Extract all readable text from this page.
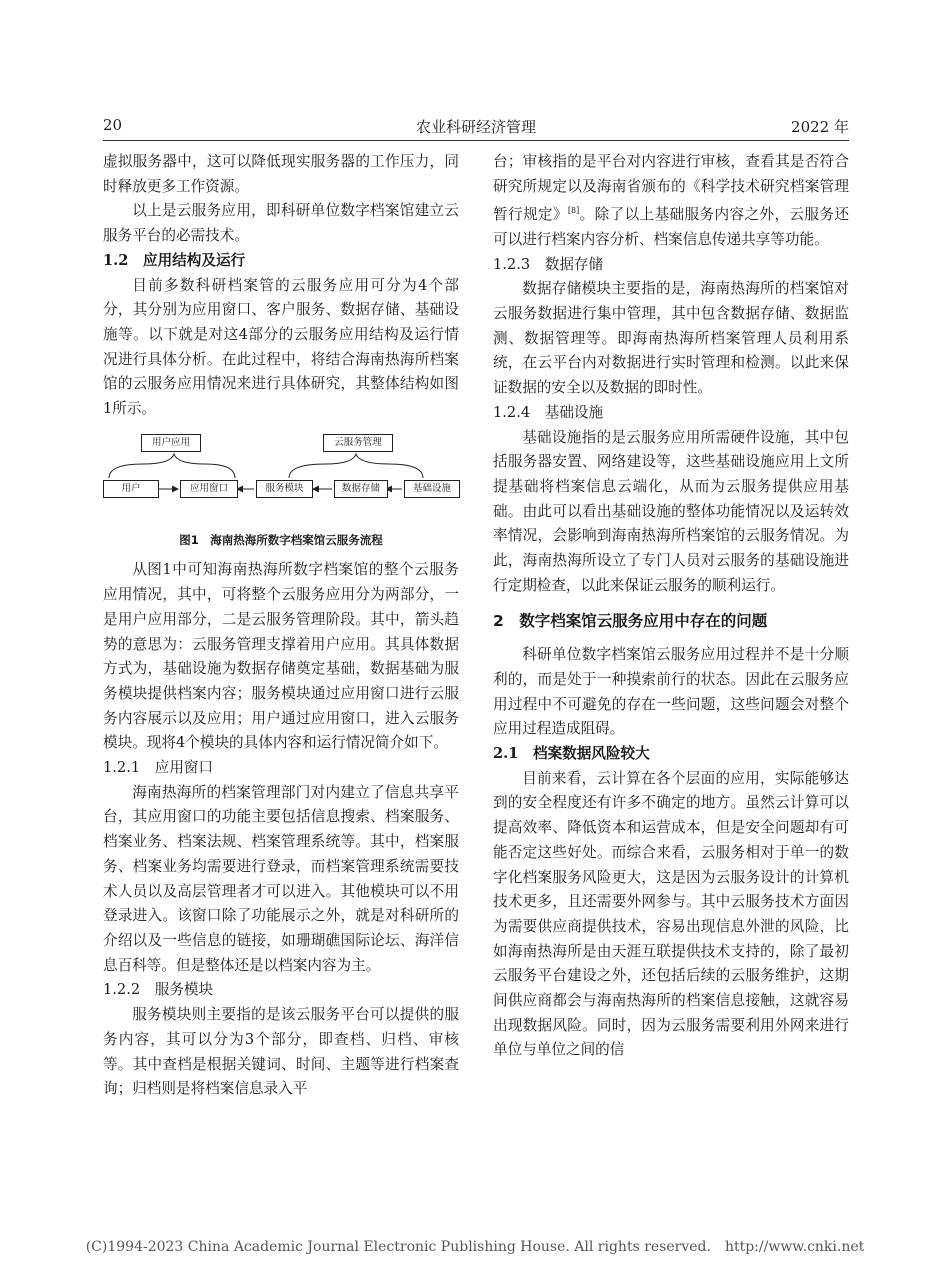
20	农业科研经济管理	2022 年

虚拟服务器中，这可以降低现实服务器的工作压力，同时释放更多工作资源。

以上是云服务应用，即科研单位数字档案馆建立云服务平台的必需技术。

1.2　应用结构及运行

目前多数科研档案管的云服务应用可分为4个部分，其分别为应用窗口、客户服务、数据存储、基础设施等。以下就是对这4部分的云服务应用结构及运行情况进行具体分析。在此过程中，将结合海南热海所档案馆的云服务应用情况来进行具体研究，其整体结构如图1所示。

用户应用	云服务管理
用户	应用窗口	服务模块	数据存储	基础设施

图1　海南热海所数字档案馆云服务流程

从图1中可知海南热海所数字档案馆的整个云服务应用情况，其中，可将整个云服务应用分为两部分，一是用户应用部分，二是云服务管理阶段。其中，箭头趋势的意思为：云服务管理支撑着用户应用。其具体数据方式为，基础设施为数据存储奠定基础，数据基础为服务模块提供档案内容；服务模块通过应用窗口进行云服务内容展示以及应用；用户通过应用窗口，进入云服务模块。现将4个模块的具体内容和运行情况简介如下。

1.2.1　应用窗口

海南热海所的档案管理部门对内建立了信息共享平台，其应用窗口的功能主要包括信息搜索、档案服务、档案业务、档案法规、档案管理系统等。其中，档案服务、档案业务均需要进行登录，而档案管理系统需要技术人员以及高层管理者才可以进入。其他模块可以不用登录进入。该窗口除了功能展示之外，就是对科研所的介绍以及一些信息的链接，如珊瑚礁国际论坛、海洋信息百科等。但是整体还是以档案内容为主。

1.2.2　服务模块

服务模块则主要指的是该云服务平台可以提供的服务内容，其可以分为3个部分，即查档、归档、审核等。其中查档是根据关键词、时间、主题等进行档案查询；归档则是将档案信息录入平

台；审核指的是平台对内容进行审核，查看其是否符合研究所规定以及海南省颁布的《科学技术研究档案管理暂行规定》[8]。除了以上基础服务内容之外，云服务还可以进行档案内容分析、档案信息传递共享等功能。

1.2.3　数据存储

数据存储模块主要指的是，海南热海所的档案馆对云服务数据进行集中管理，其中包含数据存储、数据监测、数据管理等。即海南热海所档案管理人员利用系统，在云平台内对数据进行实时管理和检测。以此来保证数据的安全以及数据的即时性。

1.2.4　基础设施

基础设施指的是云服务应用所需硬件设施，其中包括服务器安置、网络建设等，这些基础设施应用上文所提基础将档案信息云端化，从而为云服务提供应用基础。由此可以看出基础设施的整体功能情况以及运转效率情况，会影响到海南热海所档案馆的云服务情况。为此，海南热海所设立了专门人员对云服务的基础设施进行定期检查，以此来保证云服务的顺利运行。

2　数字档案馆云服务应用中存在的问题

科研单位数字档案馆云服务应用过程并不是十分顺利的，而是处于一种摸索前行的状态。因此在云服务应用过程中不可避免的存在一些问题，这些问题会对整个应用过程造成阻碍。

2.1　档案数据风险较大

目前来看，云计算在各个层面的应用，实际能够达到的安全程度还有许多不确定的地方。虽然云计算可以提高效率、降低资本和运营成本，但是安全问题却有可能否定这些好处。而综合来看，云服务相对于单一的数字化档案服务风险更大，这是因为云服务设计的计算机技术更多，且还需要外网参与。其中云服务技术方面因为需要供应商提供技术，容易出现信息外泄的风险，比如海南热海所是由天涯互联提供技术支持的，除了最初云服务平台建设之外，还包括后续的云服务维护，这期间供应商都会与海南热海所的档案信息接触，这就容易出现数据风险。同时，因为云服务需要利用外网来进行单位与单位之间的信

(C)1994-2023 China Academic Journal Electronic Publishing House. All rights reserved.　http://www.cnki.net
